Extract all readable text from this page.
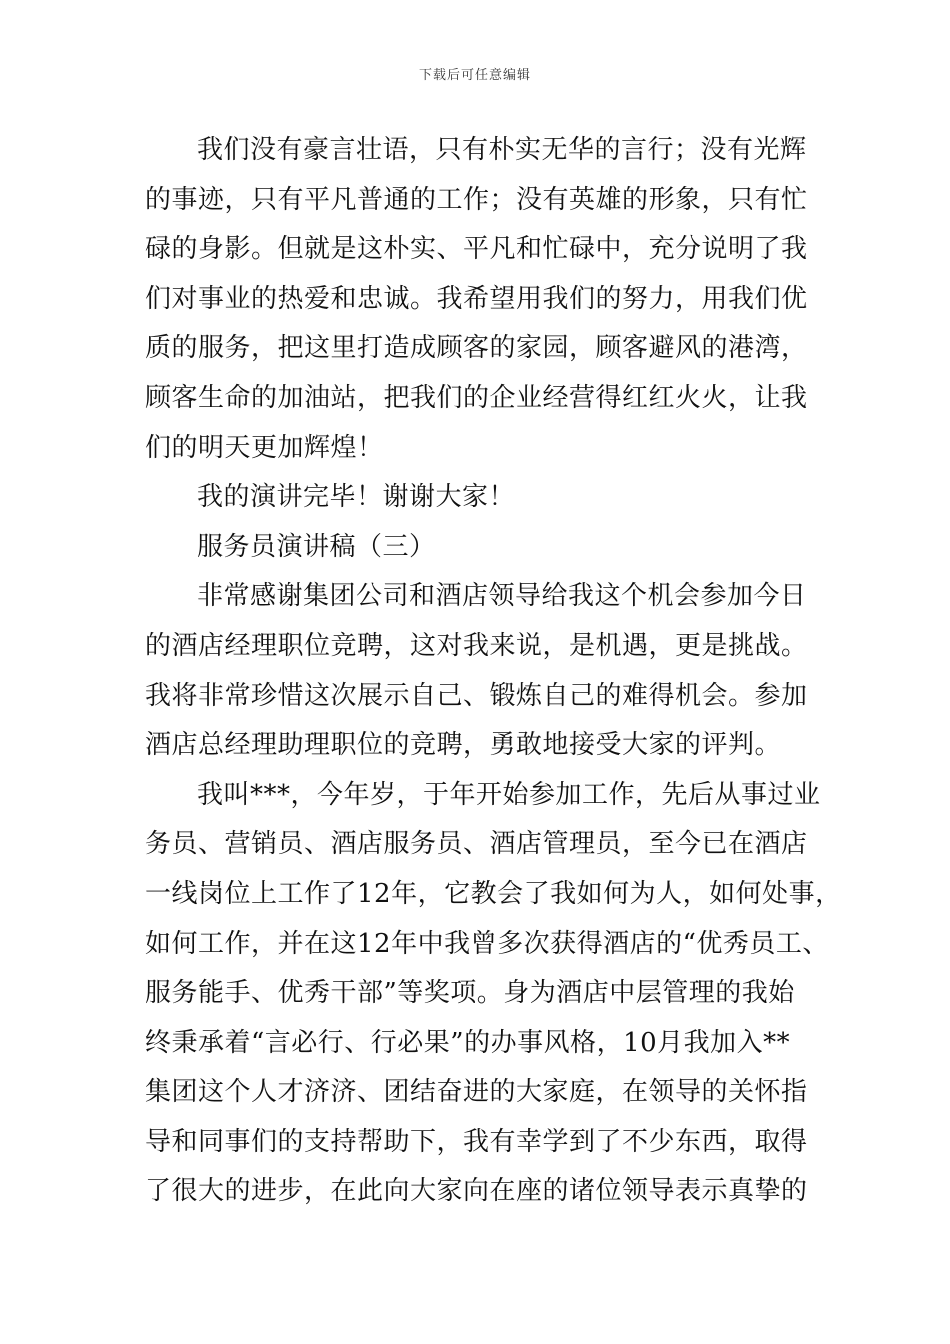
下载后可任意编辑
我们没有豪言壮语，只有朴实无华的言行；没有光辉
的事迹，只有平凡普通的工作；没有英雄的形象，只有忙
碌的身影。但就是这朴实、平凡和忙碌中，充分说明了我
们对事业的热爱和忠诚。我希望用我们的努力，用我们优
质的服务，把这里打造成顾客的家园，顾客避风的港湾，
顾客生命的加油站，把我们的企业经营得红红火火，让我
们的明天更加辉煌！
我的演讲完毕！谢谢大家！
服务员演讲稿（三）
非常感谢集团公司和酒店领导给我这个机会参加今日
的酒店经理职位竞聘，这对我来说，是机遇，更是挑战。
我将非常珍惜这次展示自己、锻炼自己的难得机会。参加
酒店总经理助理职位的竞聘，勇敢地接受大家的评判。
我叫***，今年岁，于年开始参加工作，先后从事过业
务员、营销员、酒店服务员、酒店管理员，至今已在酒店
一线岗位上工作了12年，它教会了我如何为人，如何处事，
如何工作，并在这12年中我曾多次获得酒店的“优秀员工、
服务能手、优秀干部”等奖项。身为酒店中层管理的我始
终秉承着“言必行、行必果”的办事风格，10月我加入**
集团这个人才济济、团结奋进的大家庭，在领导的关怀指
导和同事们的支持帮助下，我有幸学到了不少东西，取得
了很大的进步，在此向大家向在座的诸位领导表示真挚的
